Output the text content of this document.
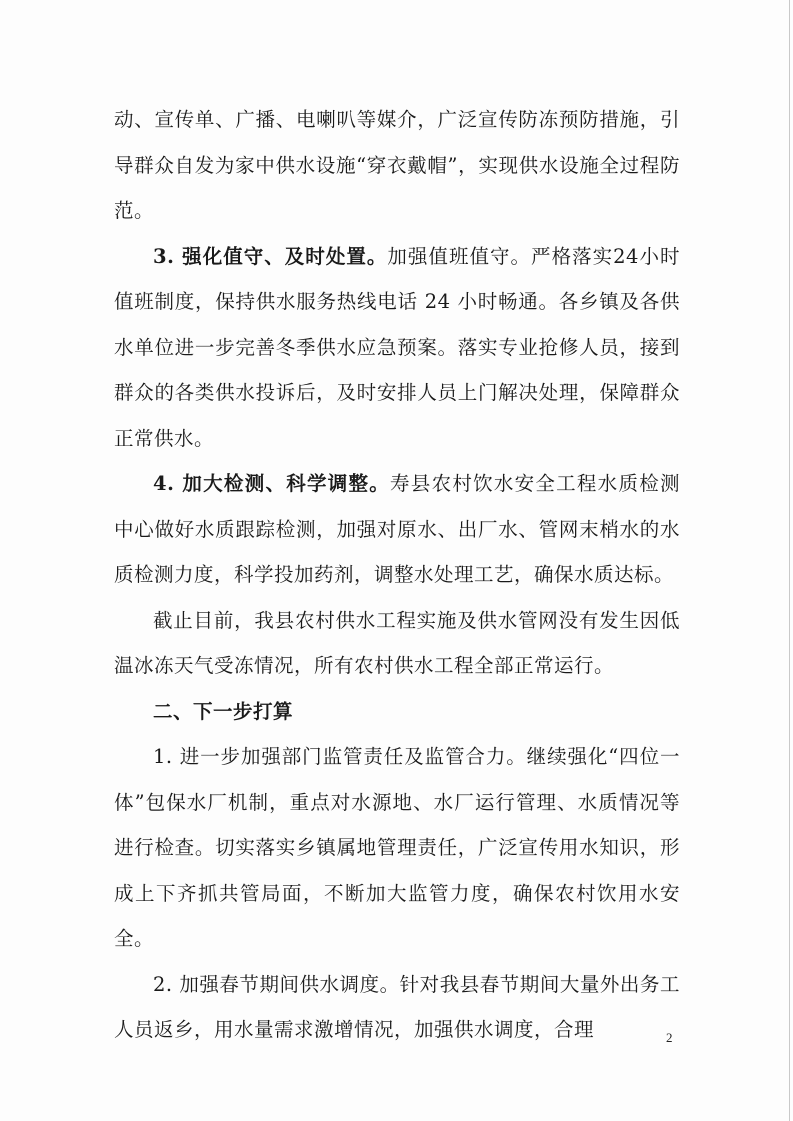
动、宣传单、广播、电喇叭等媒介，广泛宣传防冻预防措施，引导群众自发为家中供水设施“穿衣戴帽”，实现供水设施全过程防范。

3. 强化值守、及时处置。加强值班值守。严格落实24小时值班制度，保持供水服务热线电话 24 小时畅通。各乡镇及各供水单位进一步完善冬季供水应急预案。落实专业抢修人员，接到群众的各类供水投诉后，及时安排人员上门解决处理，保障群众正常供水。

4. 加大检测、科学调整。寿县农村饮水安全工程水质检测中心做好水质跟踪检测，加强对原水、出厂水、管网末梢水的水质检测力度，科学投加药剂，调整水处理工艺，确保水质达标。

截止目前，我县农村供水工程实施及供水管网没有发生因低温冰冻天气受冻情况，所有农村供水工程全部正常运行。

二、下一步打算

1. 进一步加强部门监管责任及监管合力。继续强化“四位一体”包保水厂机制，重点对水源地、水厂运行管理、水质情况等进行检查。切实落实乡镇属地管理责任，广泛宣传用水知识，形成上下齐抓共管局面，不断加大监管力度，确保农村饮用水安全。

2. 加强春节期间供水调度。针对我县春节期间大量外出务工人员返乡，用水量需求激增情况，加强供水调度，合理	2
